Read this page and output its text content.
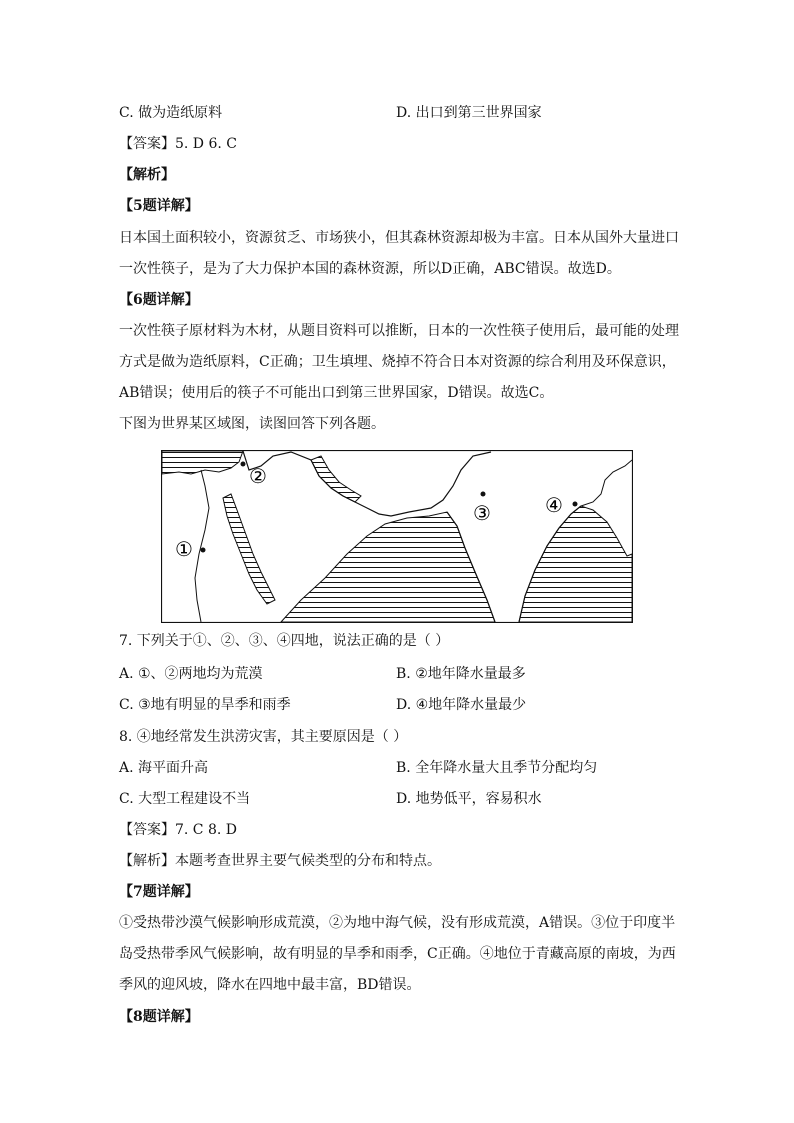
C. 做为造纸原料	D. 出口到第三世界国家
【答案】5. D 6. C
【解析】
【5题详解】
日本国土面积较小，资源贫乏、市场狭小，但其森林资源却极为丰富。日本从国外大量进口
一次性筷子，是为了大力保护本国的森林资源，所以D正确，ABC错误。故选D。
【6题详解】
一次性筷子原材料为木材，从题目资料可以推断，日本的一次性筷子使用后，最可能的处理
方式是做为造纸原料，C正确；卫生填埋、烧掉不符合日本对资源的综合利用及环保意识，
AB错误；使用后的筷子不可能出口到第三世界国家，D错误。故选C。
下图为世界某区域图，读图回答下列各题。
②
①
③	④
7. 下列关于①、②、③、④四地，说法正确的是（ ）
A. ①、②两地均为荒漠	B. ②地年降水量最多
C. ③地有明显的旱季和雨季	D. ④地年降水量最少
8. ④地经常发生洪涝灾害，其主要原因是（ ）
A. 海平面升高	B. 全年降水量大且季节分配均匀
C. 大型工程建设不当	D. 地势低平，容易积水
【答案】7. C 8. D
【解析】本题考查世界主要气候类型的分布和特点。
【7题详解】
①受热带沙漠气候影响形成荒漠，②为地中海气候，没有形成荒漠，A错误。③位于印度半
岛受热带季风气候影响，故有明显的旱季和雨季，C正确。④地位于青藏高原的南坡，为西
季风的迎风坡，降水在四地中最丰富，BD错误。
【8题详解】
